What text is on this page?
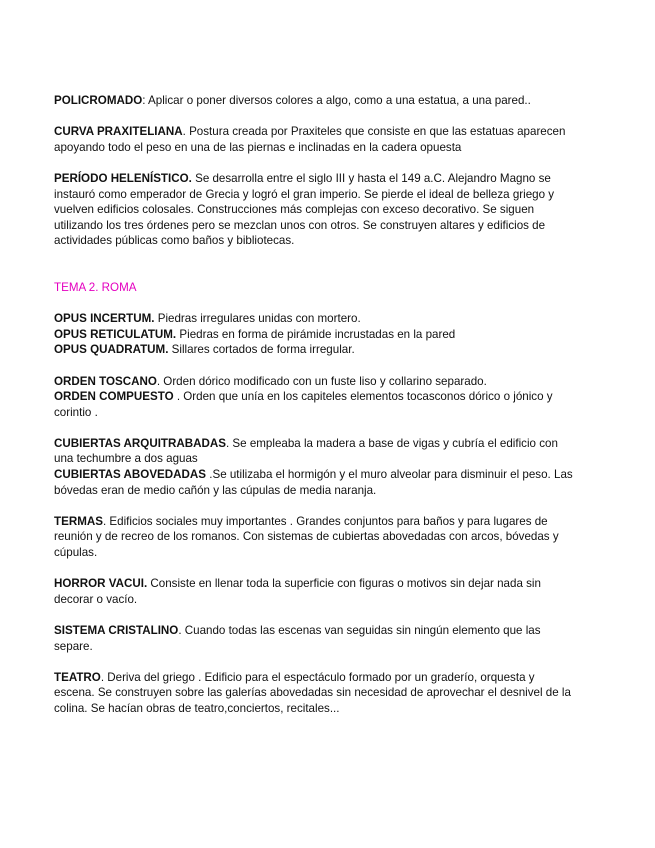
POLICROMADO: Aplicar o poner diversos colores a algo, como a una estatua, a una pared..

CURVA PRAXITELIANA. Postura creada por Praxiteles que consiste en que las estatuas aparecen apoyando todo el peso en una de las piernas e inclinadas en la cadera opuesta

PERÍODO HELENÍSTICO. Se desarrolla entre el siglo III y hasta el 149 a.C. Alejandro Magno se instauró como emperador de Grecia y logró el gran imperio. Se pierde el ideal de belleza griego y vuelven edificios colosales. Construcciones más complejas con exceso decorativo. Se siguen utilizando los tres órdenes pero se mezclan unos con otros. Se construyen altares y edificios de actividades públicas como baños y bibliotecas.

TEMA 2. ROMA

OPUS INCERTUM. Piedras irregulares unidas con mortero.

OPUS RETICULATUM. Piedras en forma de pirámide incrustadas en la pared

OPUS QUADRATUM. Sillares cortados de forma irregular.

ORDEN TOSCANO. Orden dórico modificado con un fuste liso y collarino separado.

ORDEN COMPUESTO . Orden que unía en los capiteles elementos tocasconos dórico o jónico y corintio .

CUBIERTAS ARQUITRABADAS. Se empleaba la madera a base de vigas y cubría el edificio con una techumbre a dos aguas

CUBIERTAS ABOVEDADAS .Se utilizaba el hormigón y el muro alveolar para disminuir el peso. Las bóvedas eran de medio cañón y las cúpulas de media naranja.

TERMAS. Edificios sociales muy importantes . Grandes conjuntos para baños y para lugares de reunión y de recreo de los romanos. Con sistemas de cubiertas abovedadas con arcos, bóvedas y cúpulas.

HORROR VACUI. Consiste en llenar toda la superficie con figuras o motivos sin dejar nada sin decorar o vacío.

SISTEMA CRISTALINO. Cuando todas las escenas van seguidas sin ningún elemento que las separe.

TEATRO. Deriva del griego . Edificio para el espectáculo formado por un graderío, orquesta y escena. Se construyen sobre las galerías abovedadas sin necesidad de aprovechar el desnivel de la colina. Se hacían obras de teatro,conciertos, recitales...
